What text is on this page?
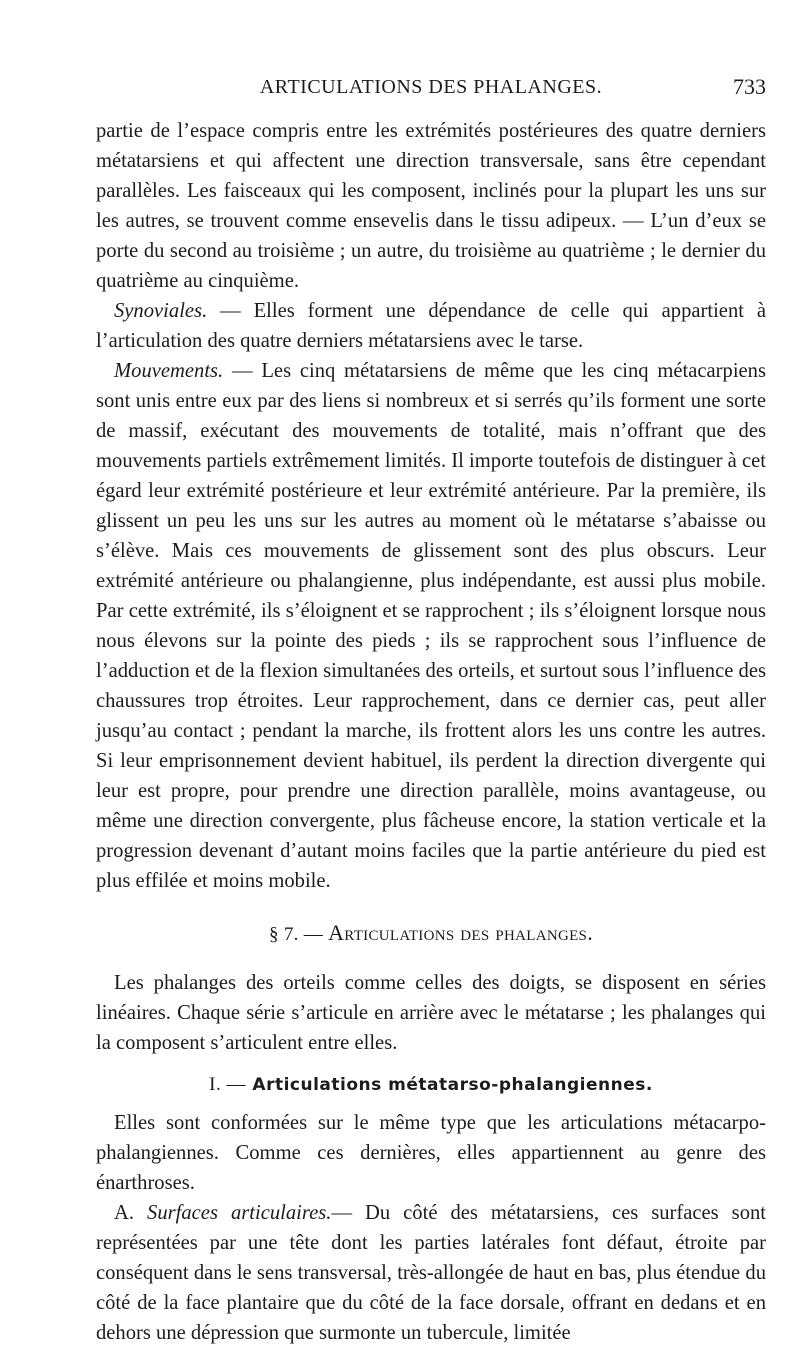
ARTICULATIONS DES PHALANGES.	733

partie de l’espace compris entre les extrémités postérieures des quatre derniers métatarsiens et qui affectent une direction transversale, sans être cependant parallèles. Les faisceaux qui les composent, inclinés pour la plupart les uns sur les autres, se trouvent comme ensevelis dans le tissu adipeux. — L’un d’eux se porte du second au troisième ; un autre, du troisième au quatrième ; le dernier du quatrième au cinquième.

Synoviales. — Elles forment une dépendance de celle qui appartient à l’articulation des quatre derniers métatarsiens avec le tarse.

Mouvements. — Les cinq métatarsiens de même que les cinq métacarpiens sont unis entre eux par des liens si nombreux et si serrés qu’ils forment une sorte de massif, exécutant des mouvements de totalité, mais n’offrant que des mouvements partiels extrêmement limités. Il importe toutefois de distinguer à cet égard leur extrémité postérieure et leur extrémité antérieure. Par la première, ils glissent un peu les uns sur les autres au moment où le métatarse s’abaisse ou s’élève. Mais ces mouvements de glissement sont des plus obscurs. Leur extrémité antérieure ou phalangienne, plus indépendante, est aussi plus mobile. Par cette extrémité, ils s’éloignent et se rapprochent ; ils s’éloignent lorsque nous nous élevons sur la pointe des pieds ; ils se rapprochent sous l’influence de l’adduction et de la flexion simultanées des orteils, et surtout sous l’influence des chaussures trop étroites. Leur rapprochement, dans ce dernier cas, peut aller jusqu’au contact ; pendant la marche, ils frottent alors les uns contre les autres. Si leur emprisonnement devient habituel, ils perdent la direction divergente qui leur est propre, pour prendre une direction parallèle, moins avantageuse, ou même une direction convergente, plus fâcheuse encore, la station verticale et la progression devenant d’autant moins faciles que la partie antérieure du pied est plus effilée et moins mobile.

§ 7. — Articulations des phalanges.

Les phalanges des orteils comme celles des doigts, se disposent en séries linéaires. Chaque série s’articule en arrière avec le métatarse ; les phalanges qui la composent s’articulent entre elles.

I. — Articulations métatarso-phalangiennes.

Elles sont conformées sur le même type que les articulations métacarpo-phalangiennes. Comme ces dernières, elles appartiennent au genre des énarthroses.

A. Surfaces articulaires.— Du côté des métatarsiens, ces surfaces sont représentées par une tête dont les parties latérales font défaut, étroite par conséquent dans le sens transversal, très-allongée de haut en bas, plus étendue du côté de la face plantaire que du côté de la face dorsale, offrant en dedans et en dehors une dépression que surmonte un tubercule, limitée
